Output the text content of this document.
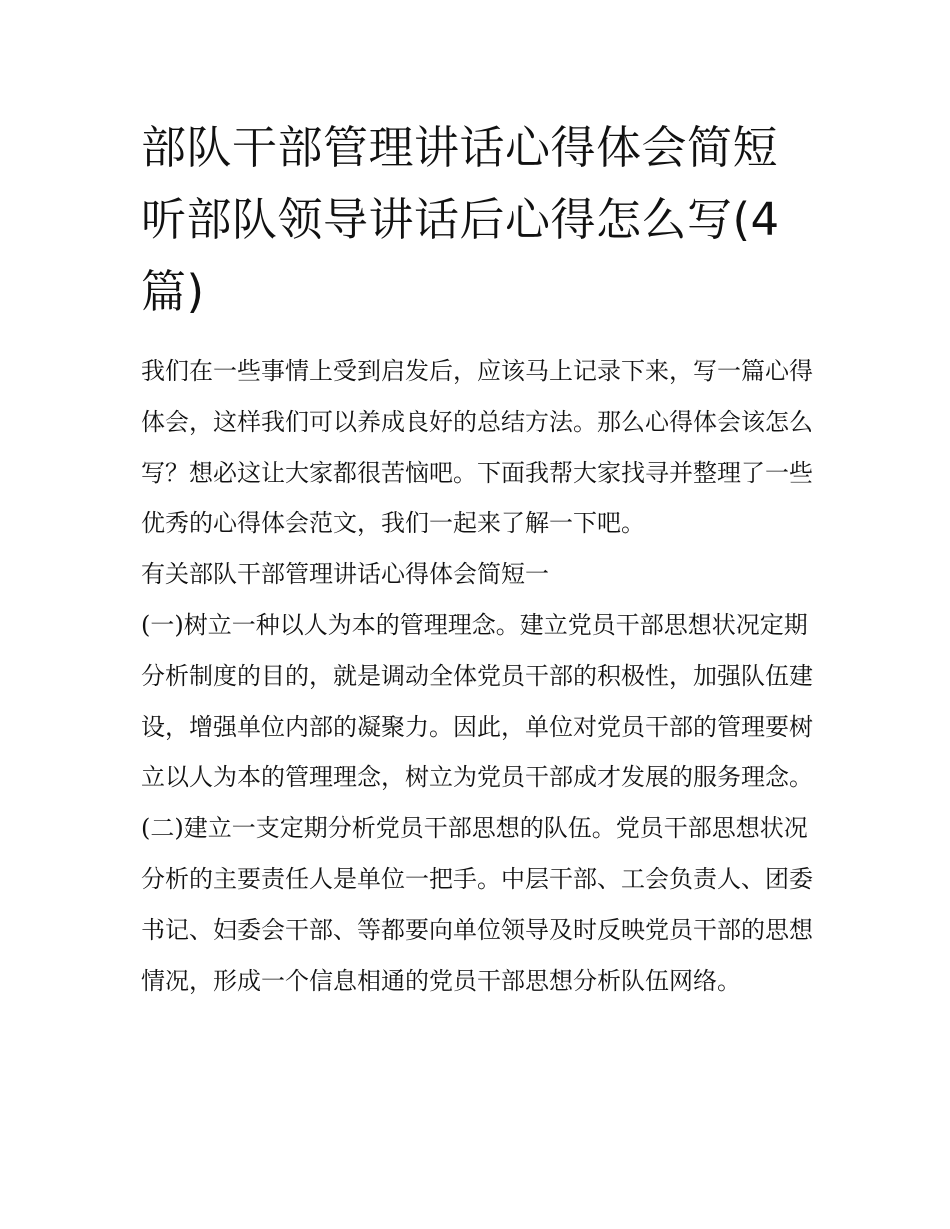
部队干部管理讲话心得体会简短 听部队领导讲话后心得怎么写(4篇)

我们在一些事情上受到启发后，应该马上记录下来，写一篇心得体会，这样我们可以养成良好的总结方法。那么心得体会该怎么写？想必这让大家都很苦恼吧。下面我帮大家找寻并整理了一些优秀的心得体会范文，我们一起来了解一下吧。

有关部队干部管理讲话心得体会简短一

(一)树立一种以人为本的管理理念。建立党员干部思想状况定期分析制度的目的，就是调动全体党员干部的积极性，加强队伍建设，增强单位内部的凝聚力。因此，单位对党员干部的管理要树立以人为本的管理理念，树立为党员干部成才发展的服务理念。

(二)建立一支定期分析党员干部思想的队伍。党员干部思想状况分析的主要责任人是单位一把手。中层干部、工会负责人、团委书记、妇委会干部、等都要向单位领导及时反映党员干部的思想情况，形成一个信息相通的党员干部思想分析队伍网络。
